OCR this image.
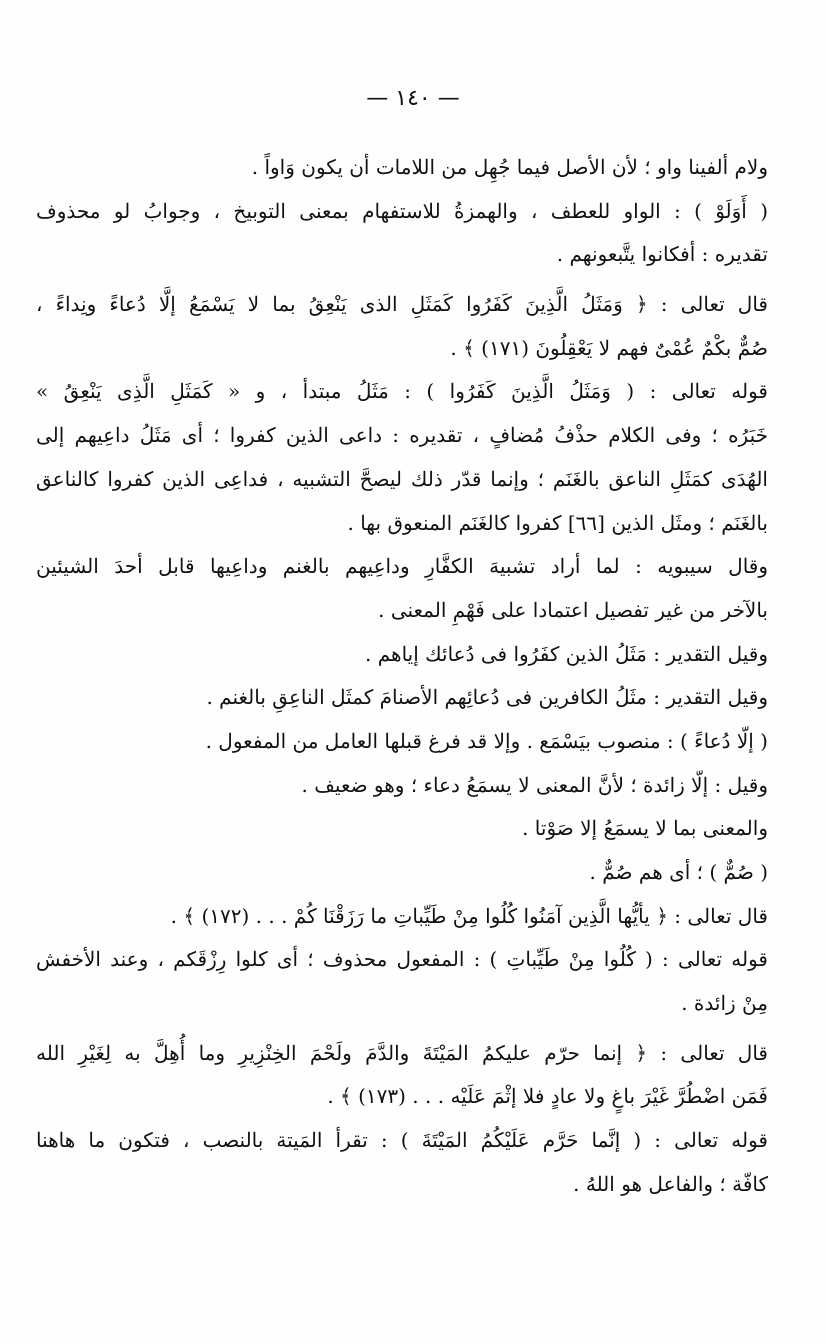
— ١٤٠ —
ولام ألفينا واو ؛ لأن الأصل فيما جُهِل من اللامات أن يكون وَاواً .
( أَوَلَوْ ) : الواو للعطف ، والهمزةُ للاستفهام بمعنى التوبيخ ، وجوابُ لو محذوف
تقديره : أفكانوا يتَّبعونهم .
قال تعالى : ﴿ وَمَثَلُ الَّذِينَ كَفَرُوا كَمَثَلِ الذى يَنْعِقُ بما لا يَسْمَعُ إلَّا دُعاءً ونِداءً ،
صُمٌّ بكْمٌ عُمْىٌ فهم لا يَعْقِلُونَ (١٧١) ﴾ .
قوله تعالى : ( وَمَثَلُ الَّذِينَ كَفَرُوا ) : مَثَلُ مبتدأ ، و « كَمَثَلِ الَّذِى يَنْعِقُ »
خَبَرُه ؛ وفى الكلام حذْفُ مُضافٍ ، تقديره : داعى الذين كفروا ؛ أى مَثَلُ داعِيهم إلى
الهُدَى كمَثَلِ الناعق بالغَنَم ؛ وإنما قدّر ذلك ليصحَّ التشبيه ، فداعِى الذين كفروا كالناعق
بالغَنَم ؛ ومثَل الذين [٦٦] كفروا كالغَنَم المنعوق بها .
وقال سيبويه : لما أراد تشبيهَ الكفَّارِ وداعِيهم بالغنم وداعِيها قابل أحدَ الشيئين
بالآخر من غير تفصيل اعتمادا على فَهْمِ المعنى .
وقيل التقدير : مَثَلُ الذين كفَرُوا فى دُعائك إياهم .
وقيل التقدير : مثَلُ الكافرين فى دُعائِهم الأصنامَ كمثَل الناعِقِ بالغنم .
( إلّا دُعاءً ) : منصوب بيَسْمَع . وإلا قد فرغ قبلها العامل من المفعول .
وقيل : إلّا زائدة ؛ لأنَّ المعنى لا يسمَعُ دعاء ؛ وهو ضعيف .
والمعنى بما لا يسمَعُ إلا صَوْتا .
( صُمٌّ ) ؛ أى هم صُمٌّ .
قال تعالى : ﴿ يأيُّها الَّذِين آمَنُوا كُلُوا مِنْ طَيِّباتِ ما رَزَقْنَا كُمْ . . . (١٧٢) ﴾ .
قوله تعالى : ( كُلُوا مِنْ طَيِّباتِ ) : المفعول محذوف ؛ أى كلوا رِزْقَكم ، وعند الأخفش
مِنْ زائدة .
قال تعالى : ﴿ إنما حرّم عليكمُ المَيْتَةَ والدَّمَ ولَحْمَ الخِنْزِيرِ وما أُهِلَّ به لِغَيْرِ الله
فَمَن اضْطُرَّ غَيْرَ باغٍ ولا عادٍ فلا إثْمَ عَلَيْه . . . (١٧٣) ﴾ .
قوله تعالى : ( إنَّما حَرَّم عَلَيْكُمُ المَيْتَةَ ) : تقرأ المَيتة بالنصب ، فتكون ما هاهنا
كافّة ؛ والفاعل هو اللهُ .
